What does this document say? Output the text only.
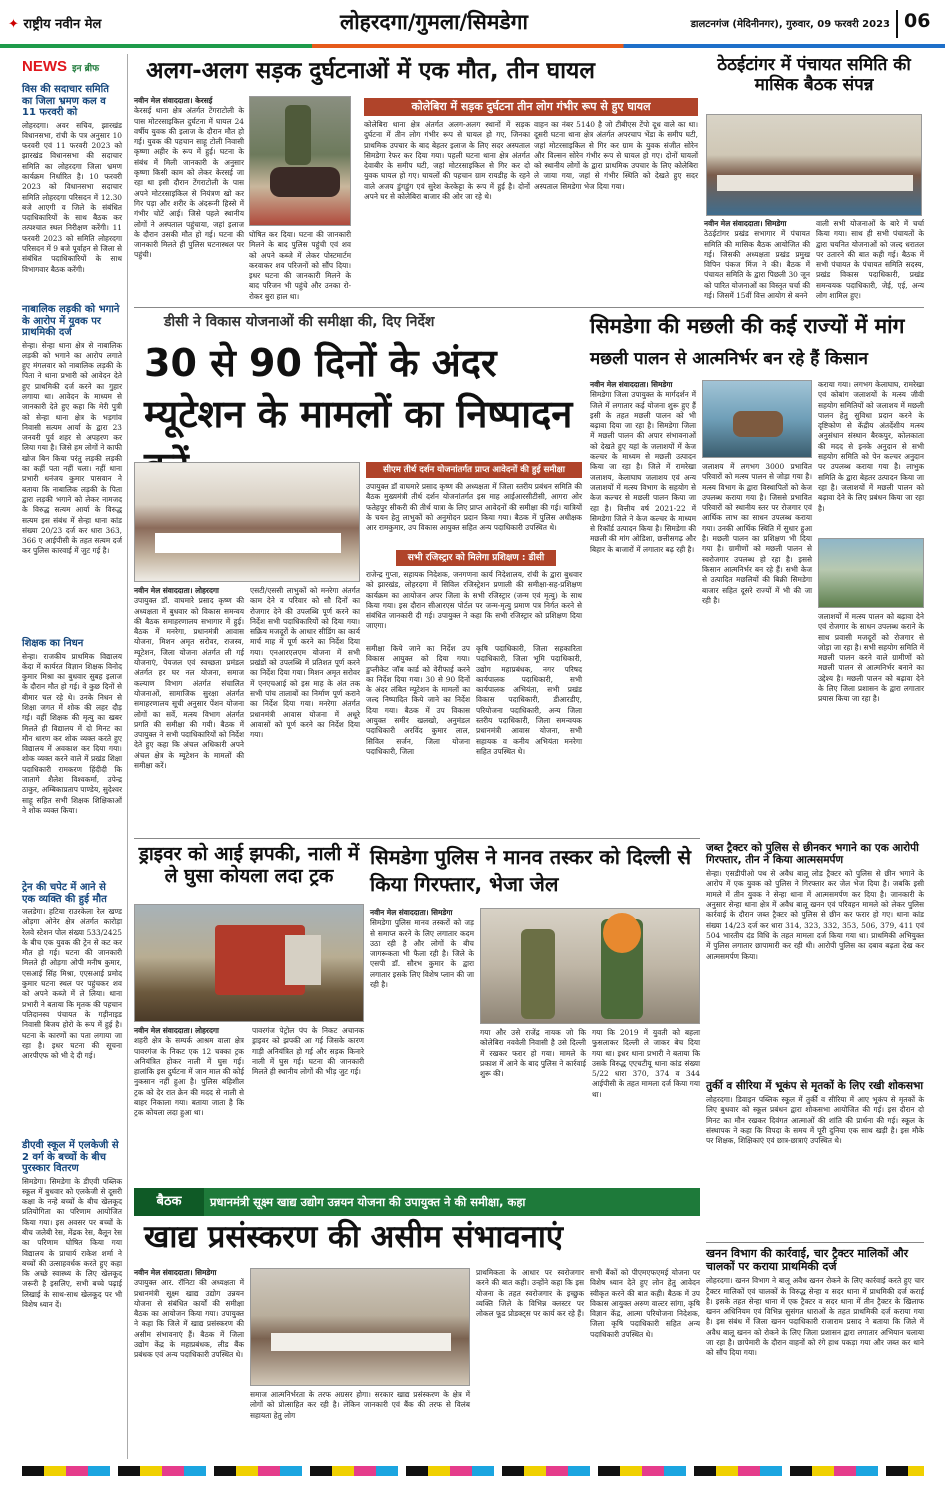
✦ राष्ट्रीय नवीन मेल	लोहरदगा/गुमला/सिमडेगा	डालटनगंज (मेदिनीनगर), गुरुवार, 09 फरवरी 2023 06
NEWS इन ब्रीफ
विस की सदाचार समिति का जिला भ्रमण कल व 11 फरवरी को
लोहरदगा। अवर सचिव, झारखंड विधानसभा, रांची के पत्र अनुसार 10 फरवरी एवं 11 फरवरी 2023 को झारखंड विधानसभा की सदाचार समिति का लोहरदगा जिला भ्रमण कार्यक्रम निर्धारित है। 10 फरवरी 2023 को विधानसभा सदाचार समिति लोहरदगा परिसदन में 12.30 बजे आएगी व जिले के संबंधित पदाधिकारियों के साथ बैठक कर तत्पश्चात स्थल निरीक्षण करेंगी। 11 फरवरी 2023 को समिति लोहरदगा परिसदन में 9 बजे पूर्वाहन से जिला से संबंधित पदाधिकारियों के साथ विभागवार बैठक करेंगी।
नाबालिक लड़की को भगाने के आरोप में युवक पर प्राथमिकी दर्ज
सेन्हा। सेन्हा थाना क्षेत्र से नाबालिक लड़की को भगाने का आरोप लगाते हुए मंगलवार को नाबालिक लड़की के पिता ने थाना प्रभारी को आवेदन देते हुए प्राथमिकी दर्ज करने का गुहार लगाया था। आवेदन के माध्यम से जानकारी देते हुए कहा कि मेरी पुत्री को सेन्हा थाना क्षेत्र के भड़गांव निवासी सत्यम आर्या के द्वारा 23 जनवरी पूर्व शहर से अपहरण कर लिया गया है। जिसे हम लोगों ने काफी खोज बिन किया परंतु लड़की लड़की का कहीं पता नहीं चला। नहीं थाना प्रभारी धनंजय कुमार पासवान ने बताया कि नाबालिक लड़की के पिता द्वारा लड़की भगाने को लेकर नामजद के विरुद्ध सत्यम आर्या के विरुद्ध सत्यम इस संबंध में सेन्हा थाना कांड संख्या 20/23 दर्ज कर धारा 363, 366 ए आईपीसी के तहत सत्यम दर्ज कर पुलिस कारवाई में जुट गई है।
शिक्षक का निधन
सेन्हा। राजकीय प्राथमिक विद्यालय केंदा में कार्यरत विज्ञान शिक्षक विनोद कुमार मिश्रा का बुधवार सुबह इलाज के दौरान मौत हो गई। वे कुछ दिनों से बीमार चल रहे थे। उनके निधन से शिक्षा जगत में शोक की लहर दौड़ गई। वहीं शिक्षक की मृत्यु का खबर मिलते ही विद्यालय में दो मिनट का मौन धारण कर शोक व्यक्त करते हुए विद्यालय में अवकाश कर दिया गया। शोक व्यक्त करने वाले में प्रखंड शिक्षा पदाधिकारी रामकरण हिंदीदी कि जातागे शैलेश विश्वकर्मा, उपेन्द्र ठाकुर, अम्बिकाप्रताप पाण्डेय, सुदेश्वर साहू सहित सभी शिक्षक शिक्षिकाओं ने शोक व्यक्त किया।
ट्रेन की चपेट में आने से एक व्यक्ति की हुई मौत
जलडेगा। हटिया राउरकेला रेल खण्ड ओड़गा ओनेर क्षेत्र अंतर्गत कारोड़ा रेलवे स्टेशन पोल संख्या 533/2425 के बीच एक युवक की ट्रेन से कट कर मौत हो गई। घटना की जानकारी मिलते ही ओड़गा ओपी मनीष कुमार, एसआई सिंह मिश्रा, एएसआई प्रमोद कुमार घटना स्थल पर पहुंचकर शव को अपने कब्जे में ले लिया। थाना प्रभारी ने बताया कि मृतक की पहचान पतिदानस्व पंचायत के गड़ीनाइड निवासी बिजय होरो के रूप में हुई है। घटना के कारणों का पता लगाया जा रहा है। इधर घटना की सूचना आरपीएफ को भी दे दी गई।
डीएवी स्कूल में एलकेजी से 2 वर्ग के बच्चों के बीच पुरस्कार वितरण
सिमडेगा। सिमडेगा के डीएवी पब्लिक स्कूल में बुधवार को एलकेजी से दूसरी कक्षा के नन्हे बच्चों के बीच खेलकूद प्रतियोगिता का परिणाम आयोजित किया गया। इस अवसर पर बच्चों के बीच जलेबी रेस, मेंढक रेस, बैलून रेस का परिणाम घोषित किया गया विद्यालय के प्राचार्य राकेश शर्मा ने बच्चों की उत्साहवर्धक करते हुए कहा कि अच्छे स्वास्थ्य के लिए खेलकूद जरूरी है इसलिए, सभी बच्चे पढ़ाई लिखाई के साथ-साथ खेलकूद पर भी विशेष ध्यान दें।
अलग-अलग सड़क दुर्घटनाओं में एक मौत, तीन घायल
नवीन मेल संवाददाता। केरसई
केरसई थाना क्षेत्र अंतर्गत टेंगराटोली के पास मोटरसाइकिल दुर्घटना में घायल 24 वर्षीय युवक की इलाज के दौरान मौत हो गई। युवक की पहचान साहू टोली निवासी कृष्णा अहीर के रूप में हुई। घटना के संबंध में मिली जानकारी के अनुसार कृष्णा किसी काम को लेकर केरसई जा रहा था इसी दौरान टेंगराटोली के पास अपने मोटरसाइकिल से नियंत्रण खो कर गिर पड़ा और शरीर के अंदरूनी हिस्से में गंभीर चोटें आई। जिसे पहले स्थानीय लोगों ने अस्पताल पहुंचाया, जहां इलाज के दौरान उसकी मौत हो गई। घटना की जानकारी मिलते ही पुलिस घटनास्थल पर पहुंची।
घोषित कर दिया। घटना की जानकारी मिलने के बाद पुलिस पहुंची एवं शव को अपने कब्जे में लेकर पोस्टमार्टम करवाकर शव परिजनों को सौंप दिया। इधर घटना की जानकारी मिलने के बाद परिजन भी पहुंचे और उनका रो-रोकर बुरा हाल था।
कोलेबिरा में सड़क दुर्घटना तीन लोग गंभीर रूप से हुए घायल
कोलेबिरा थाना क्षेत्र अंतर्गत अलग-अलग स्थानों में सड़क दुर्घटना में तीन लोग गंभीर रूप से घायल हो गए, जिनका प्राथमिक उपचार के बाद बेहतर इलाज के लिए सदर अस्पताल सिमडेगा रेफर कर दिया गया। पहली घटना थाना क्षेत्र अंतर्गत देवाबीर के समीप घटी, जहां मोटरसाइकिल से गिर कर दो युवक घायल हो गए। घायलों की पहचान ग्राम रायडीह के रहने वाले अजय डुंगडुंग एवं सुरेश केरकेट्टा के रूप में हुई है। दोनों अपने घर से कोलेबिरा बाजार की ओर जा रहे थे।
वाहन का नंबर 5140 है जो टीबीएस टेंपो दूध वाले का था। दूसरी घटना थाना क्षेत्र अंतर्गत अपरचाप भेंडा के समीप घटी, जहां मोटरसाइकिल से गिर कर ग्राम के युवक संजीत सोरेन और विल्सन सोरेन गंभीर रूप से घायल हो गए। दोनों घायलों को स्थानीय लोगों के द्वारा प्राथमिक उपचार के लिए कोलेबिरा ले जाया गया, जहां से गंभीर स्थिति को देखते हुए सदर अस्पताल सिमडेगा भेज दिया गया।
ठेठईटांगर में पंचायत समिति की मासिक बैठक संपन्न
नवीन मेल संवाददाता। सिमडेगा
ठेठईटांगर प्रखंड सभागार में पंचायत समिति की मासिक बैठक आयोजित की गई। जिसकी अध्यक्षता प्रखंड प्रमुख विपिन पंकज मिंज ने की। बैठक में पंचायत समिति के द्वारा पिछली 30 जून को पारित योजनाओं का विस्तृत चर्चा की गई। जिसमें 15वीं वित्त आयोग से बनने
वाली सभी योजनाओं के बारे में चर्चा किया गया। साथ ही सभी पंचायतों के द्वारा चयनित योजनाओं को जल्द धरातल पर उतारने की बात कही गई। बैठक में सभी पंचायत के पंचायत समिति सदस्य, प्रखंड विकास पदाधिकारी, प्रखंड समन्वयक पदाधिकारी, जेई, एई, अन्य लोग शामिल हुए।
डीसी ने विकास योजनाओं की समीक्षा की, दिए निर्देश
30 से 90 दिनों के अंदर म्यूटेशन के मामलों का निष्पादन
नवीन मेल संवाददाता। लोहरदगा
उपायुक्त डॉ. वाघमारे प्रसाद कृष्ण की अध्यक्षता में बुधवार को विकास समन्वय की बैठक समाहरणालय सभागार में हुई। बैठक में मनरेगा, प्रधानमंत्री आवास योजना, मिशन अमृत सरोवर, राजस्व, म्यूटेशन, जिला योजना अंतर्गत ली गई योजनाएं, पेयजल एवं स्वच्छता प्रमंडल अंतर्गत हर घर नल योजना, समाज कल्याण विभाग अंतर्गत संचालित योजनाओं, सामाजिक सुरक्षा अंतर्गत समाहरणालय सूची अनुसार पेंशन योजना लोगों का सर्वे, मत्स्य विभाग अंतर्गत प्रगति की समीक्षा की गयी। बैठक में उपायुक्त ने सभी पदाधिकारियों को निर्देश देते हुए कहा कि अंचल अधिकारी अपने अंचल क्षेत्र के म्यूटेशन के मामलों की समीक्षा करें।
एसटी/एससी लाभुकों को मनरेगा अंतर्गत काम देने व परिवार को सौ दिनों का रोजगार देने की उपलब्धि पूर्ण करने का निर्देश सभी पदाधिकारियों को दिया गया। सक्रिय मजदूरों के आधार सीडिंग का कार्य मार्च माह में पूर्ण करने का निर्देश दिया गया। एनआरएलएम योजना में सभी प्रखंडों को उपलब्धि में प्रतिशत पूर्ण करने का निर्देश दिया गया। मिशन अमृत सरोवर में एनएचआई को इस माह के अंत तक सभी पांच तालाबों का निर्माण पूर्ण कराने का निर्देश दिया गया। मनरेगा अंतर्गत प्रधानमंत्री आवास योजना में अधूरे आवासों को पूर्ण करने का निर्देश दिया गया।
सीएम तीर्थ दर्शन योजनांतर्गत प्राप्त आवेदनों की हुई समीक्षा
उपायुक्त डॉ वाघमारे प्रसाद कृष्ण की अध्यक्षता में जिला स्तरीय प्रबंधन समिति की बैठक मुख्यमंत्री तीर्थ दर्शन योजनांतर्गत इस माह आईआरसीटीसी, आगरा ओर फतेहपुर सीकरी की तीर्थ यात्रा के लिए प्राप्त आवेदनों की समीक्षा की गई। यात्रियों के चयन हेतु लाभुकों को अनुमोदन प्रदान किया गया। बैठक में पुलिस अधीक्षक आर रामकुमार, उप विकास आयुक्त सहित अन्य पदाधिकारी उपस्थित थे।
सभी रजिस्ट्रार को मिलेगा प्रशिक्षण : डीसी
राजेन्द्र गुप्ता, सहायक निदेशक, जनगणना कार्य निदेशालय, रांची के द्वारा बुधवार को झारखंड, लोहरदगा में सिविल रजिस्ट्रेशन प्रणाली की समीक्षा-सह-प्रशिक्षण कार्यक्रम का आयोजन अपर जिला के सभी रजिस्ट्रार (जन्म एवं मृत्यु) के साथ किया गया। इस दौरान सीआरएस पोर्टल पर जन्म-मृत्यु प्रमाण पत्र निर्गत करने से संबंधित जानकारी दी गई। उपायुक्त ने कहा कि सभी रजिस्ट्रार को प्रशिक्षण दिया जाएगा।
समीक्षा किये जाने का निर्देश उप विकास आयुक्त को दिया गया। डुप्लीकेट जॉब कार्ड को वेरीफाई करने का निर्देश दिया गया। 30 से 90 दिनों के अंदर लंबित म्यूटेशन के मामलों का जल्द निष्पादित किये जाने का निर्देश दिया गया। बैठक में उप विकास आयुक्त समीर खलखो, अनुमंडल पदाधिकारी अरविंद कुमार लाल, सिविल सर्जन, जिला योजना पदाधिकारी, जिला
कृषि पदाधिकारी, जिला सहकारिता पदाधिकारी, जिला भूमि पदाधिकारी, उद्योग महाप्रबंधक, नगर परिषद कार्यपालक पदाधिकारी, सभी कार्यपालक अभियंता, सभी प्रखंड विकास पदाधिकारी, डीआरडीए, परियोजना पदाधिकारी, अन्य जिला स्तरीय पदाधिकारी, जिला समन्वयक प्रधानमंत्री आवास योजना, सभी सहायक व कनीय अभियंता मनरेगा सहित उपस्थित थे।
सिमडेगा की मछली की कई राज्यों में मांग
मछली पालन से आत्मनिर्भर बन रहे हैं किसान
नवीन मेल संवाददाता। सिमडेगा
सिमडेगा जिला उपायुक्त के मार्गदर्शन में जिले में लगातार कई योजना शुरू हुए हैं इसी के तहत मछली पालन को भी बढ़ावा दिया जा रहा है। सिमडेगा जिला में मछली पालन की अपार संभावनाओं को देखते हुए यहां के जलाशयों में केज कल्चर के माध्यम से मछली उत्पादन किया जा रहा है। जिले में रामरेखा जलाशय, केलाघाघ जलाशय एवं अन्य जलाशयों में मत्स्य विभाग के सहयोग से केज कल्चर से मछली पालन किया जा रहा है। वित्तीय वर्ष 2021-22 में सिमडेगा जिले ने केज कल्चर के माध्यम से रिकॉर्ड उत्पादन किया है। सिमडेगा की मछली की मांग ओडिशा, छत्तीसगढ़ और बिहार के बाजारों में लगातार बढ़ रही है।
जलाशय में लगभग 3000 प्रभावित परिवारों को मत्स्य पालन से जोड़ा गया है। मत्स्य विभाग के द्वारा विस्थापितों को केज उपलब्ध कराया गया है। जिससे प्रभावित परिवारों को स्थानीय स्तर पर रोजगार एवं आर्थिक लाभ का साधन उपलब्ध कराया गया। उनकी आर्थिक स्थिति में सुधार हुआ है। मछली पालन का प्रशिक्षण भी दिया गया है। ग्रामीणों को मछली पालन से स्वरोजगार उपलब्ध हो रहा है। इससे किसान आत्मनिर्भर बन रहे हैं। सभी केज से उत्पादित मछलियों की बिक्री सिमडेगा बाजार सहित दूसरे राज्यों में भी की जा रही है।
कराया गया। लगभग केलाघाघ, रामरेखा एवं कोबांग जलाशयों के मत्स्य जीवी सहयोग समितियों को जलाशय में मछली पालन हेतु सुविधा प्रदान करने के दृष्टिकोण से केंद्रीय अंतर्देशीय मत्स्य अनुसंधान संस्थान बैरकपुर, कोलकाता की मदद से इनके अनुदान से सभी सहयोग समिति को पेन कल्चर अनुदान पर उपलब्ध कराया गया है। लाभुक समिति के द्वारा बेहतर उत्पादन किया जा रहा है। जलाशयों में मछली पालन को बढ़ावा देने के लिए प्रबंधन किया जा रहा है।
जलाशयों में मत्स्य पालन को बढ़ावा देने एवं रोजगार के साधन उपलब्ध कराने के साथ प्रवासी मजदूरों को रोजगार से जोड़ा जा रहा है। सभी सहयोग समिति में मछली पालन करने वाले ग्रामीणों को मछली पालन से आत्मनिर्भर बनाने का उद्देश्य है। मछली पालन को बढ़ावा देने के लिए जिला प्रशासन के द्वारा लगातार प्रयास किया जा रहा है।
ड्राइवर को आई झपकी, नाली में ले घुसा कोयला लदा ट्रक
नवीन मेल संवाददाता। लोहरदगा
शहरी क्षेत्र के सम्पर्क आश्रम वाला क्षेत्र पावरगंज के निकट एक 12 चक्का ट्रक अनियंत्रित होकर नाली में घुस गई। हालांकि इस दुर्घटना में जान माल की कोई नुकसान नहीं हुआ है। पुलिस बहिशील ट्रक को देर रात क्रेन की मदद से नाली से बाहर निकाला गया। बताया जाता है कि ट्रक कोयला लदा हुआ था।
पावरगंज पेट्रोल पंप के निकट अचानक ड्राइवर को झपकी आ गई जिसके कारण गाड़ी अनियंत्रित हो गई और सड़क किनारे नाली में घुस गई। घटना की जानकारी मिलते ही स्थानीय लोगों की भीड़ जुट गई।
सिमडेगा पुलिस ने मानव तस्कर को दिल्ली से किया गिरफ्तार, भेजा जेल
नवीन मेल संवाददाता। सिमडेगा
सिमडेगा पुलिस मानव तस्करों को जड़ से समाप्त करने के लिए लगातार कदम उठा रही है और लोगों के बीच जागरूकता भी फैला रही है। जिले के एसपी डॉ. सौरभ कुमार के द्वारा लगातार इसके लिए विशेष प्लान की जा रही है।
गया और उसे राजेंद्र नायक जो कि कोलेबिरा नववेली निवासी है उसे दिल्ली में रखकर फरार हो गया। मामले के प्रकाश में आने के बाद पुलिस ने कार्रवाई शुरू की।
गया कि 2019 में युवती को बहला फुसलाकर दिल्ली ले जाकर बेच दिया गया था। इधर थाना प्रभारी ने बताया कि उसके विरुद्ध एएचटीयू थाना कांड संख्या 5/22 धारा 370, 374 व 344 आईपीसी के तहत मामला दर्ज किया गया था।
जब्त ट्रैक्टर को पुलिस से छीनकर भगाने का एक आरोपी गिरफ्तार, तीन ने किया आत्मसमर्पण
सेन्हा। एसडीपीओ पथ से अवैध बालू लोड ट्रैक्टर को पुलिस से छीन भगाने के आरोप में एक युवक को पुलिस ने गिरफ्तार कर जेल भेज दिया है। जबकि इसी मामले में तीन युवक ने सेन्हा थाना में आत्मसमर्पण कर दिया है। जानकारी के अनुसार सेन्हा थाना क्षेत्र में अवैध बालू खनन एवं परिवहन मामले को लेकर पुलिस कार्रवाई के दौरान जब्त ट्रैक्टर को पुलिस से छीन कर फरार हो गए। थाना कांड संख्या 14/23 दर्ज कर धारा 314, 323, 332, 353, 506, 379, 411 एवं 504 भारतीय दंड विधि के तहत मामला दर्ज किया गया था। प्राथमिकी अभियुक्त में पुलिस लगातार छापामारी कर रही थी। आरोपी पुलिस का दबाव बढ़ता देख कर आत्मसमर्पण किया।
तुर्की व सीरिया में भूकंप से मृतकों के लिए रखी शोकसभा
लोहरदगा। डिवाइन पब्लिक स्कूल में तुर्की व सीरिया में आए भूकंप से मृतकों के लिए बुधवार को स्कूल प्रबंधन द्वारा शोकसभा आयोजित की गई। इस दौरान दो मिनट का मौन रखकर दिवंगत आत्माओं की शांति की प्रार्थना की गई। स्कूल के संस्थापक ने कहा कि विपदा के समय में पूरी दुनिया एक साथ खड़ी है। इस मौके पर शिक्षक, शिक्षिकाएं एवं छात्र-छात्राएं उपस्थित थे।
खनन विभाग की कार्रवाई, चार ट्रैक्टर मालिकों और चालकों पर कराया प्राथमिकी दर्ज
लोहरदगा। खनन विभाग ने बालू अवैध खनन रोकने के लिए कार्रवाई करते हुए चार ट्रैक्टर मालिकों एवं चालकों के विरुद्ध सेन्हा व सदर थाना में प्राथमिकी दर्ज कराई है। इसके तहत सेन्हा थाना में एक ट्रैक्टर व सदर थाना में तीन ट्रैक्टर के खिलाफ खनन अधिनियम एवं विभिन्न सुसंगत धाराओं के तहत प्राथमिकी दर्ज कराया गया है। इस संबंध में जिला खनन पदाधिकारी राजाराम प्रसाद ने बताया कि जिले में अवैध बालू खनन को रोकने के लिए जिला प्रशासन द्वारा लगातार अभियान चलाया जा रहा है। छापेमारी के दौरान वाहनों को रंगे हाथ पकड़ा गया और जब्त कर थाने को सौंप दिया गया।
बैठक	प्रधानमंत्री सूक्ष्म खाद्य उद्योग उन्नयन योजना की उपायुक्त ने की समीक्षा, कहा
खाद्य प्रसंस्करण की असीम संभावनाएं
नवीन मेल संवाददाता। सिमडेगा
उपायुक्त आर. रॉनिटा की अध्यक्षता में प्रधानमंत्री सूक्ष्म खाद्य उद्योग उन्नयन योजना से संबंधित कार्यों की समीक्षा बैठक का आयोजन किया गया। उपायुक्त ने कहा कि जिले में खाद्य प्रसंस्करण की असीम संभावनाएं हैं। बैठक में जिला उद्योग केंद्र के महाप्रबंधक, लीड बैंक प्रबंधक एवं अन्य पदाधिकारी उपस्थित थे।
समाज आत्मनिर्भरता के तरफ अग्रसर होगा। सरकार खाद्य प्रसंस्करण के क्षेत्र में लोगों को प्रोत्साहित कर रही है। लेकिन जानकारी एवं बैंक की तरफ से विलंब सहायता हेतु लोग
प्राथमिकता के आधार पर स्वरोजगार करने की बात कही। उन्होंने कहा कि इस योजना के तहत स्वरोजगार के इच्छुक व्यक्ति जिले के विभिन्न क्लस्टर पर लोकल फूड प्रोडक्ट्स पर कार्य कर रहे हैं।
सभी बैंकों को पीएमएफएमई योजना पर विशेष ध्यान देते हुए लोन हेतु आवेदन स्वीकृत करने की बात कही। बैठक में उप विकास आयुक्त अरुण वाल्टर सांगा, कृषि विज्ञान केंद्र, आत्मा परियोजना निदेशक, जिला कृषि पदाधिकारी सहित अन्य पदाधिकारी उपस्थित थे।
